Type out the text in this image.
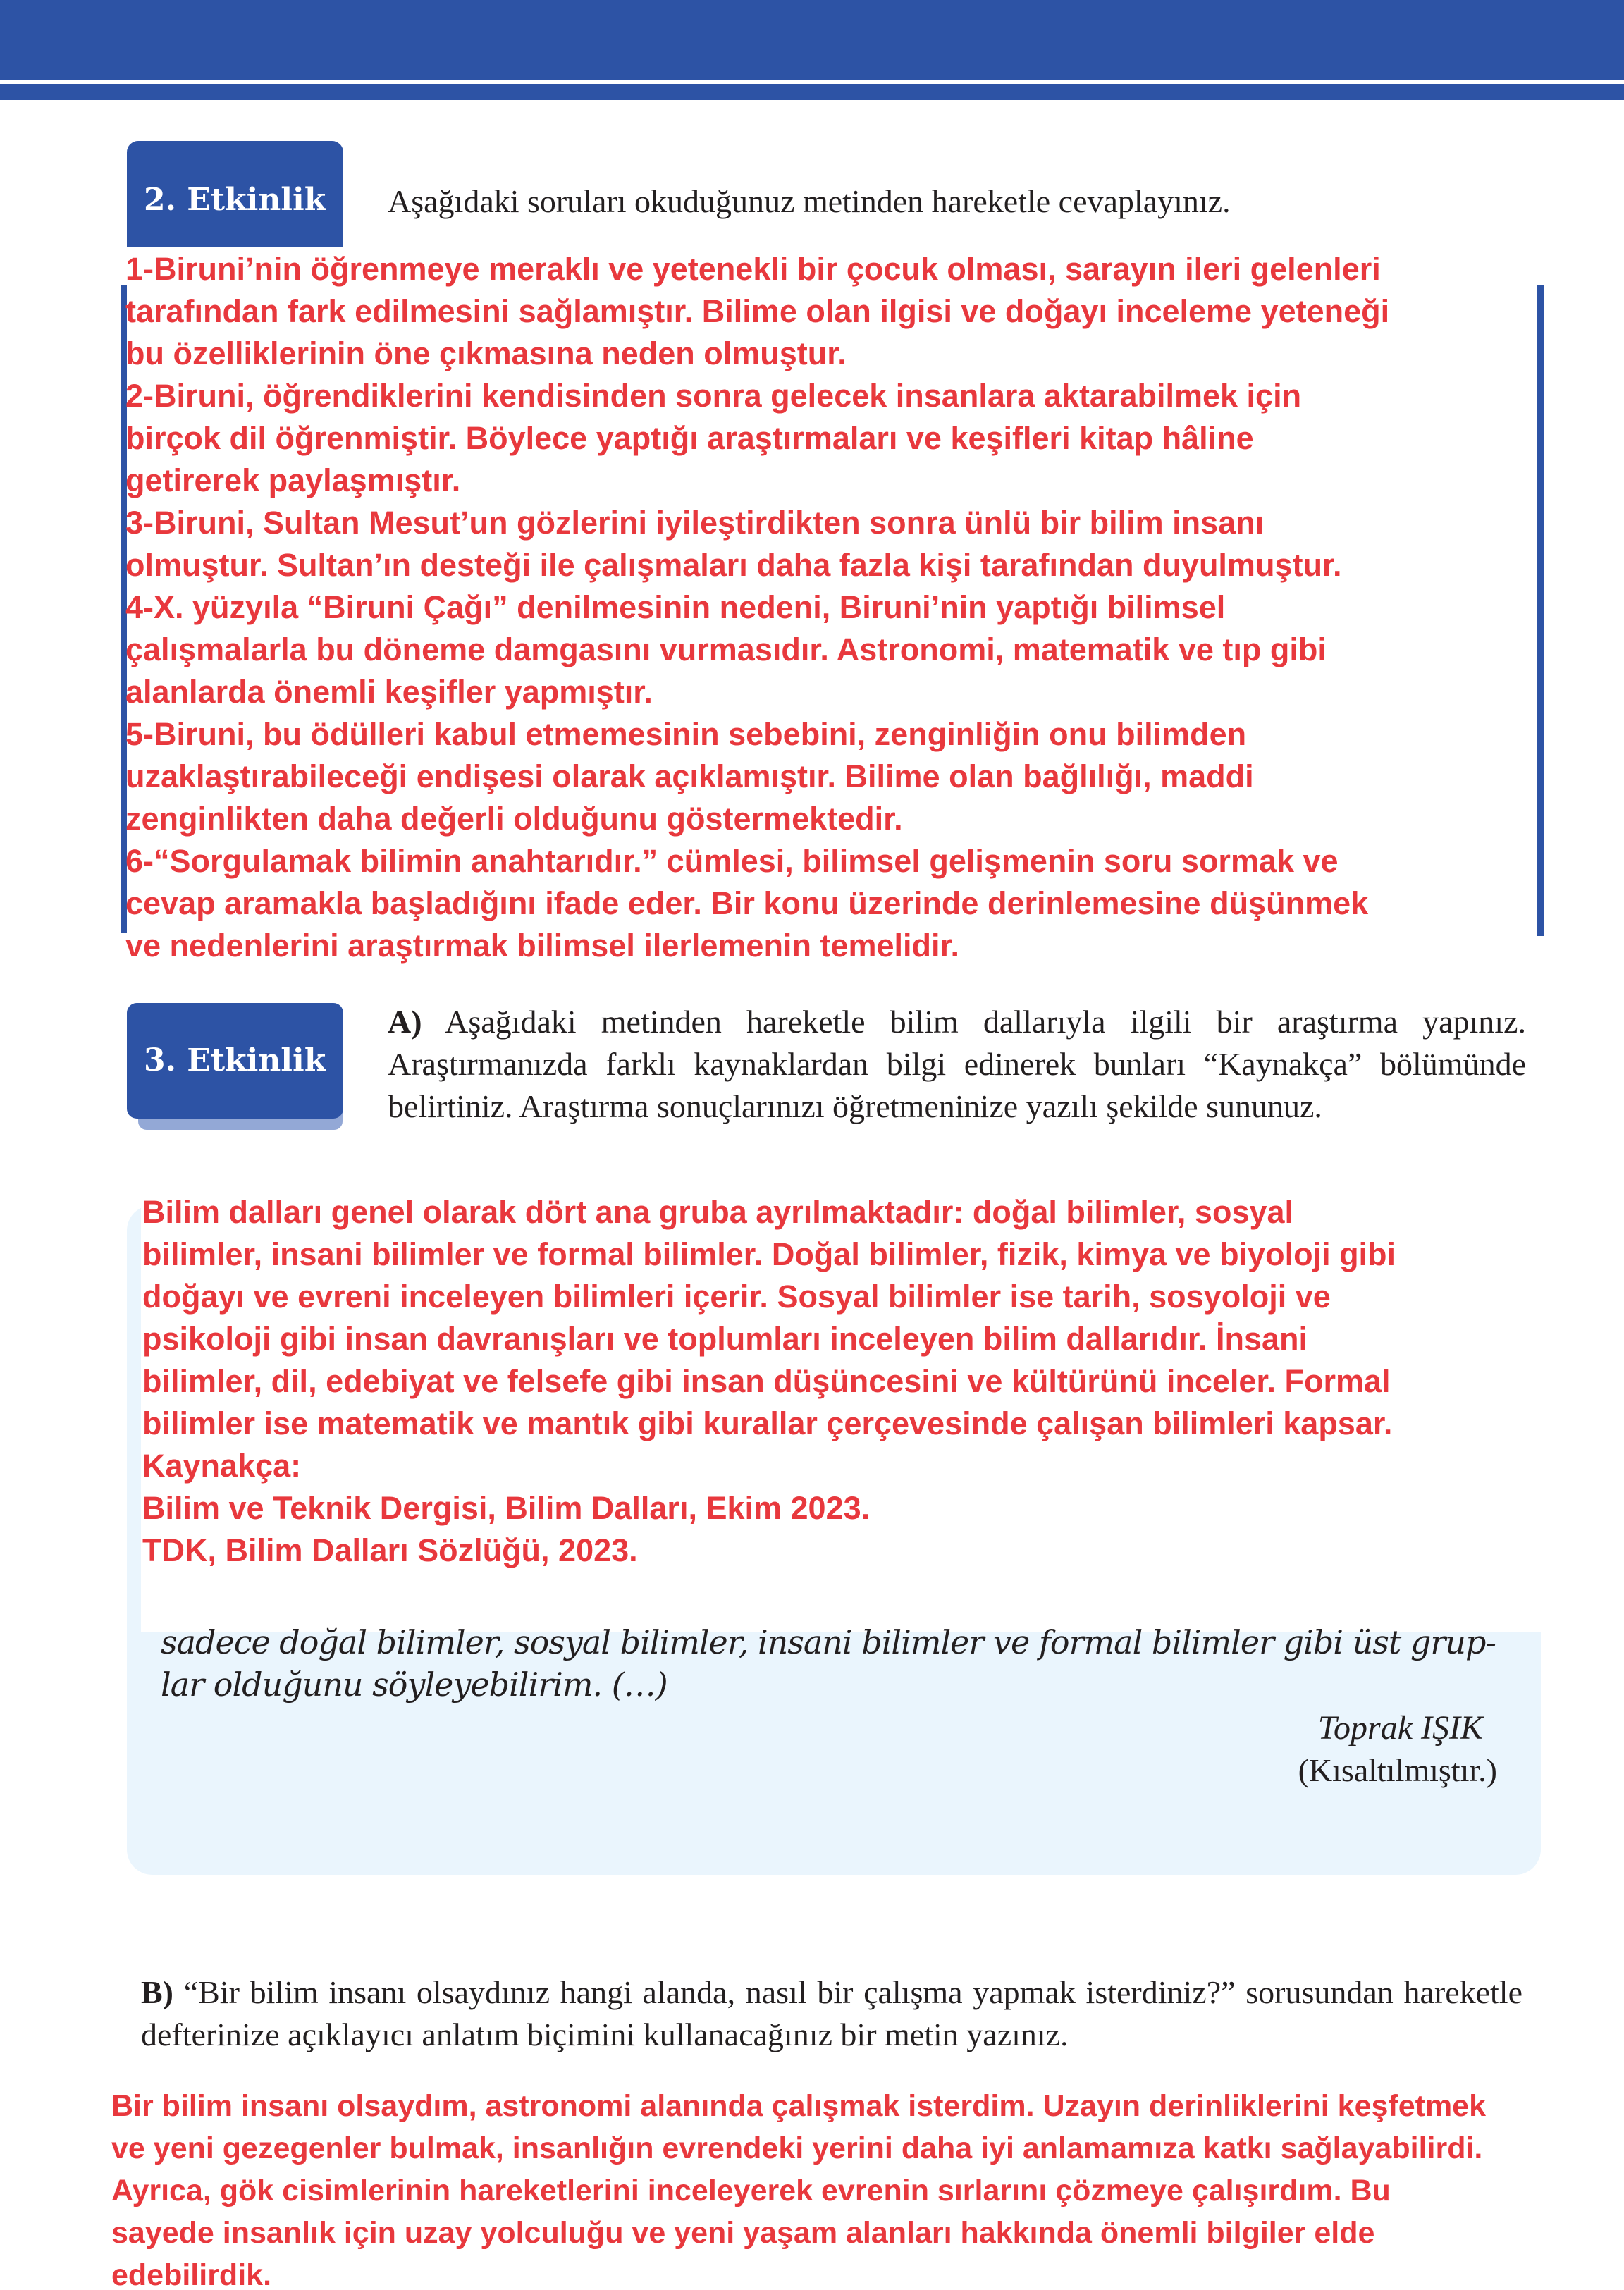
2. Etkinlik	Aşağıdaki soruları okuduğunuz metinden hareketle cevaplayınız.
1-Biruni’nin öğrenmeye meraklı ve yetenekli bir çocuk olması, sarayın ileri gelenleri
tarafından fark edilmesini sağlamıştır. Bilime olan ilgisi ve doğayı inceleme yeteneği
bu özelliklerinin öne çıkmasına neden olmuştur.
2-Biruni, öğrendiklerini kendisinden sonra gelecek insanlara aktarabilmek için
birçok dil öğrenmiştir. Böylece yaptığı araştırmaları ve keşifleri kitap hâline
getirerek paylaşmıştır.
3-Biruni, Sultan Mesut’un gözlerini iyileştirdikten sonra ünlü bir bilim insanı
olmuştur. Sultan’ın desteği ile çalışmaları daha fazla kişi tarafından duyulmuştur.
4-X. yüzyıla “Biruni Çağı” denilmesinin nedeni, Biruni’nin yaptığı bilimsel
çalışmalarla bu döneme damgasını vurmasıdır. Astronomi, matematik ve tıp gibi
alanlarda önemli keşifler yapmıştır.
5-Biruni, bu ödülleri kabul etmemesinin sebebini, zenginliğin onu bilimden
uzaklaştırabileceği endişesi olarak açıklamıştır. Bilime olan bağlılığı, maddi
zenginlikten daha değerli olduğunu göstermektedir.
6-“Sorgulamak bilimin anahtarıdır.” cümlesi, bilimsel gelişmenin soru sormak ve
cevap aramakla başladığını ifade eder. Bir konu üzerinde derinlemesine düşünmek
ve nedenlerini araştırmak bilimsel ilerlemenin temelidir.
3. Etkinlik
A) Aşağıdaki metinden hareketle bilim dallarıyla ilgili bir araştırma yapınız. Araştırmanızda farklı kaynaklardan bilgi edinerek bunları “Kaynakça” bölümünde belirtiniz. Araştırma sonuçlarınızı öğretmeninize yazılı şekilde sununuz.
Bilim dalları genel olarak dört ana gruba ayrılmaktadır: doğal bilimler, sosyal
bilimler, insani bilimler ve formal bilimler. Doğal bilimler, fizik, kimya ve biyoloji gibi
doğayı ve evreni inceleyen bilimleri içerir. Sosyal bilimler ise tarih, sosyoloji ve
psikoloji gibi insan davranışları ve toplumları inceleyen bilim dallarıdır. İnsani
bilimler, dil, edebiyat ve felsefe gibi insan düşüncesini ve kültürünü inceler. Formal
bilimler ise matematik ve mantık gibi kurallar çerçevesinde çalışan bilimleri kapsar.
Kaynakça:
Bilim ve Teknik Dergisi, Bilim Dalları, Ekim 2023.
TDK, Bilim Dalları Sözlüğü, 2023.
sadece doğal bilimler, sosyal bilimler, insani bilimler ve formal bilimler gibi üst grup-
lar olduğunu söyleyebilirim. (…)
Toprak IŞIK
(Kısaltılmıştır.)
B) “Bir bilim insanı olsaydınız hangi alanda, nasıl bir çalışma yapmak isterdiniz?” sorusundan hareketle defterinize açıklayıcı anlatım biçimini kullanacağınız bir metin yazınız.
Bir bilim insanı olsaydım, astronomi alanında çalışmak isterdim. Uzayın derinliklerini keşfetmek
ve yeni gezegenler bulmak, insanlığın evrendeki yerini daha iyi anlamamıza katkı sağlayabilirdi.
Ayrıca, gök cisimlerinin hareketlerini inceleyerek evrenin sırlarını çözmeye çalışırdım. Bu
sayede insanlık için uzay yolculuğu ve yeni yaşam alanları hakkında önemli bilgiler elde
edebilirdik.
